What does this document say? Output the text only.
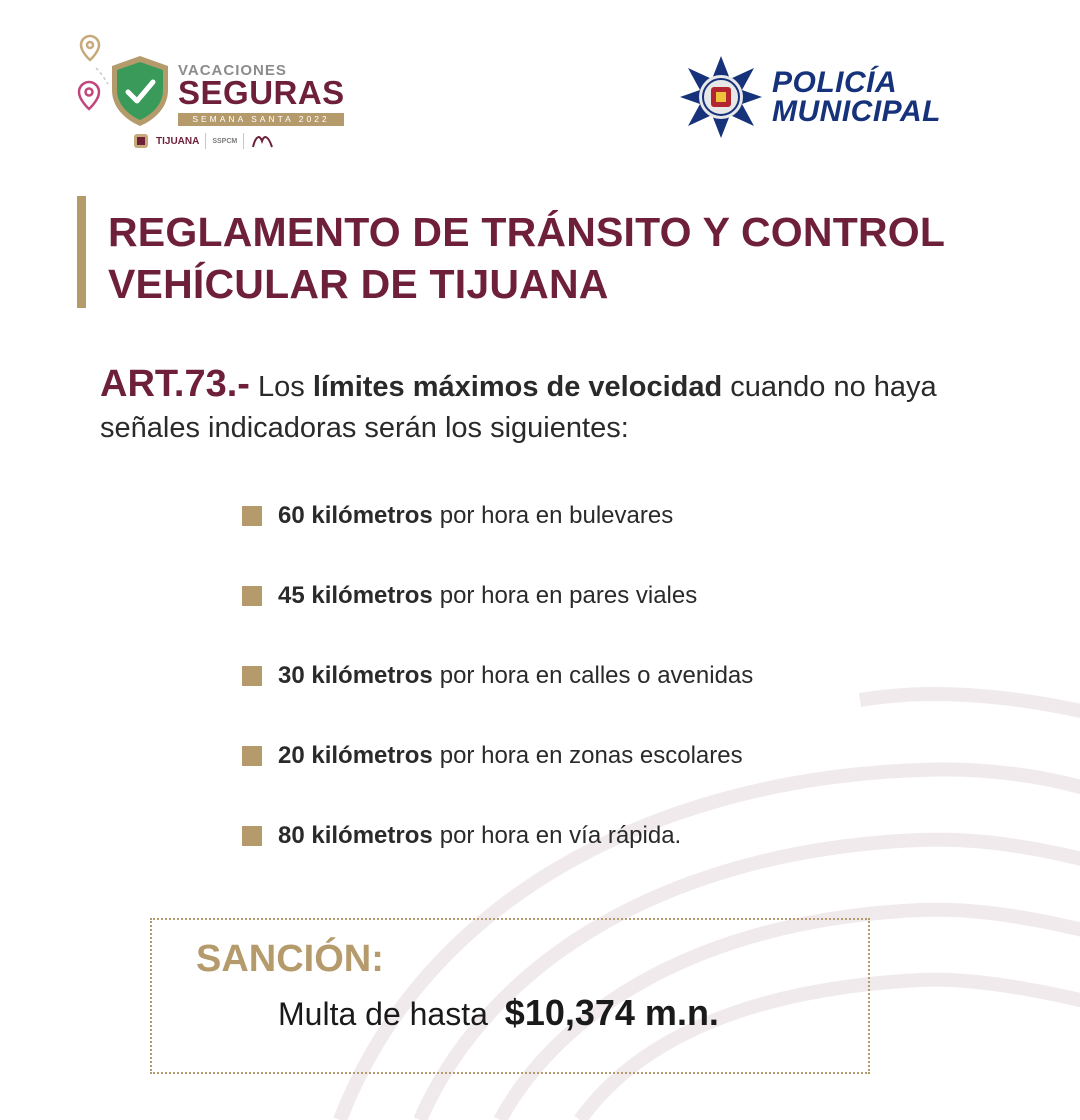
VACACIONES
SEGURAS
SEMANA SANTA 2022
TIJUANA SSPCM
POLICÍA
MUNICIPAL
REGLAMENTO DE TRÁNSITO Y CONTROL VEHÍCULAR DE TIJUANA

ART.73.- Los límites máximos de velocidad cuando no haya señales indicadoras serán los siguientes:

60 kilómetros por hora en bulevares
45 kilómetros por hora en pares viales
30 kilómetros por hora en calles o avenidas
20 kilómetros por hora en zonas escolares
80 kilómetros por hora en vía rápida.
SANCIÓN:
Multa de hasta $10,374 m.n.
